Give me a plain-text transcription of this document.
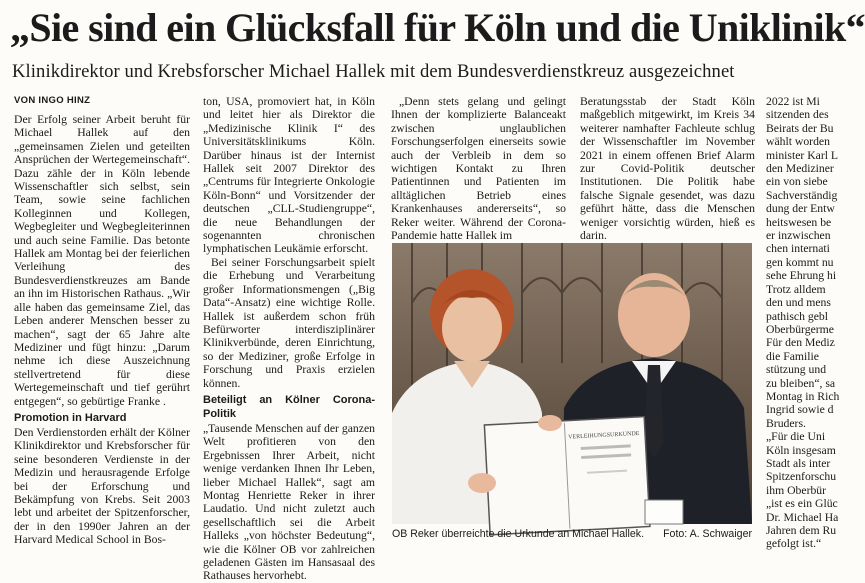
„Sie sind ein Glücksfall für Köln und die Uniklinik“
Klinikdirektor und Krebsforscher Michael Hallek mit dem Bundesverdienstkreuz ausgezeichnet
VON INGO HINZ

Der Erfolg seiner Arbeit beruht für Michael Hallek auf den „gemeinsamen Zielen und geteilten Ansprüchen der Wertegemeinschaft“. Dazu zähle der in Köln lebende Wissenschaftler sich selbst, sein Team, sowie seine fachlichen Kolleginnen und Kollegen, Wegbegleiter und Wegbegleiterinnen und auch seine Familie. Das betonte Hallek am Montag bei der feierlichen Verleihung des Bundesverdienstkreuzes am Bande an ihn im Historischen Rathaus. „Wir alle haben das gemeinsame Ziel, das Leben anderer Menschen besser zu machen“, sagt der 65 Jahre alte Mediziner und fügt hinzu: „Darum nehme ich diese Auszeichnung stellvertretend für diese Wertegemeinschaft und tief gerührt entgegen“, so gebürtige Franke .

Promotion in Harvard

Den Verdienstorden erhält der Kölner Klinikdirektor und Krebsforscher für seine besonderen Verdienste in der Medizin und herausragende Erfolge bei der Erforschung und Bekämpfung von Krebs. Seit 2003 lebt und arbeitet der Spitzenforscher, der in den 1990er Jahren an der Harvard Medical School in Bos-

ton, USA, promoviert hat, in Köln und leitet hier als Direktor die „Medizinische Klinik I“ des Universitätsklinikums Köln. Darüber hinaus ist der Internist Hallek seit 2007 Direktor des „Centrums für Integrierte Onkologie Köln-Bonn“ und Vorsitzender der deutschen „CLL-Studiengruppe“, die neue Behandlungen der sogenannten chronischen lymphatischen Leukämie erforscht.

Bei seiner Forschungsarbeit spielt die Erhebung und Verarbeitung großer Informationsmengen („Big Data“-Ansatz) eine wichtige Rolle. Hallek ist außerdem schon früh Befürworter interdisziplinärer Klinikverbünde, deren Einrichtung, so der Mediziner, große Erfolge in Forschung und Praxis erzielen können.

Beteiligt an Kölner Corona-Politik

„Tausende Menschen auf der ganzen Welt profitieren von den Ergebnissen Ihrer Arbeit, nicht wenige verdanken Ihnen Ihr Leben, lieber Michael Hallek“, sagt am Montag Henriette Reker in ihrer Laudatio. Und nicht zuletzt auch gesellschaftlich sei die Arbeit Halleks „von höchster Bedeutung“, wie die Kölner OB vor zahlreichen geladenen Gästen im Hansasaal des Rathauses hervorhebt.

„Denn stets gelang und gelingt Ihnen der komplizierte Balanceakt zwischen unglaublichen Forschungserfolgen einerseits sowie auch der Verbleib in dem so wichtigen Kontakt zu Ihren Patientinnen und Patienten im alltäglichen Betrieb eines Krankenhauses andererseits“, so Reker weiter. Während der Corona-Pandemie hatte Hallek im

Beratungsstab der Stadt Köln maßgeblich mitgewirkt, im Kreis 34 weiterer namhafter Fachleute schlug der Wissenschaftler im November 2021 in einem offenen Brief Alarm zur Covid-Politik deutscher Institutionen. Die Politik habe falsche Signale gesendet, was dazu geführt hätte, dass die Menschen weniger vorsichtig würden, hieß es darin.

2022 ist Mi

sitzenden des

Beirats der Bu

wählt worden

minister Karl L

den Mediziner

ein von siebe

Sachverständig

dung der Entw

heitswesen be

er inzwischen

chen internati

gen kommt nu

sehe Ehrung hi

Trotz alldem

den und mens

pathisch gebl

Oberbürgerme

Für den Mediz

die Familie

stützung und

zu bleiben“, sa

Montag in Rich

Ingrid sowie d

Bruders.

„Für die Uni

Köln insgesam

Stadt als inter

Spitzenforschu

ihm Oberbür

„ist es ein Glüc

Dr. Michael Ha

Jahren dem Ru

gefolgt ist.“

VERLEIHUNGSURKUNDE
OB Reker überreichte die Urkunde an Michael Hallek. Foto: A. Schwaiger
